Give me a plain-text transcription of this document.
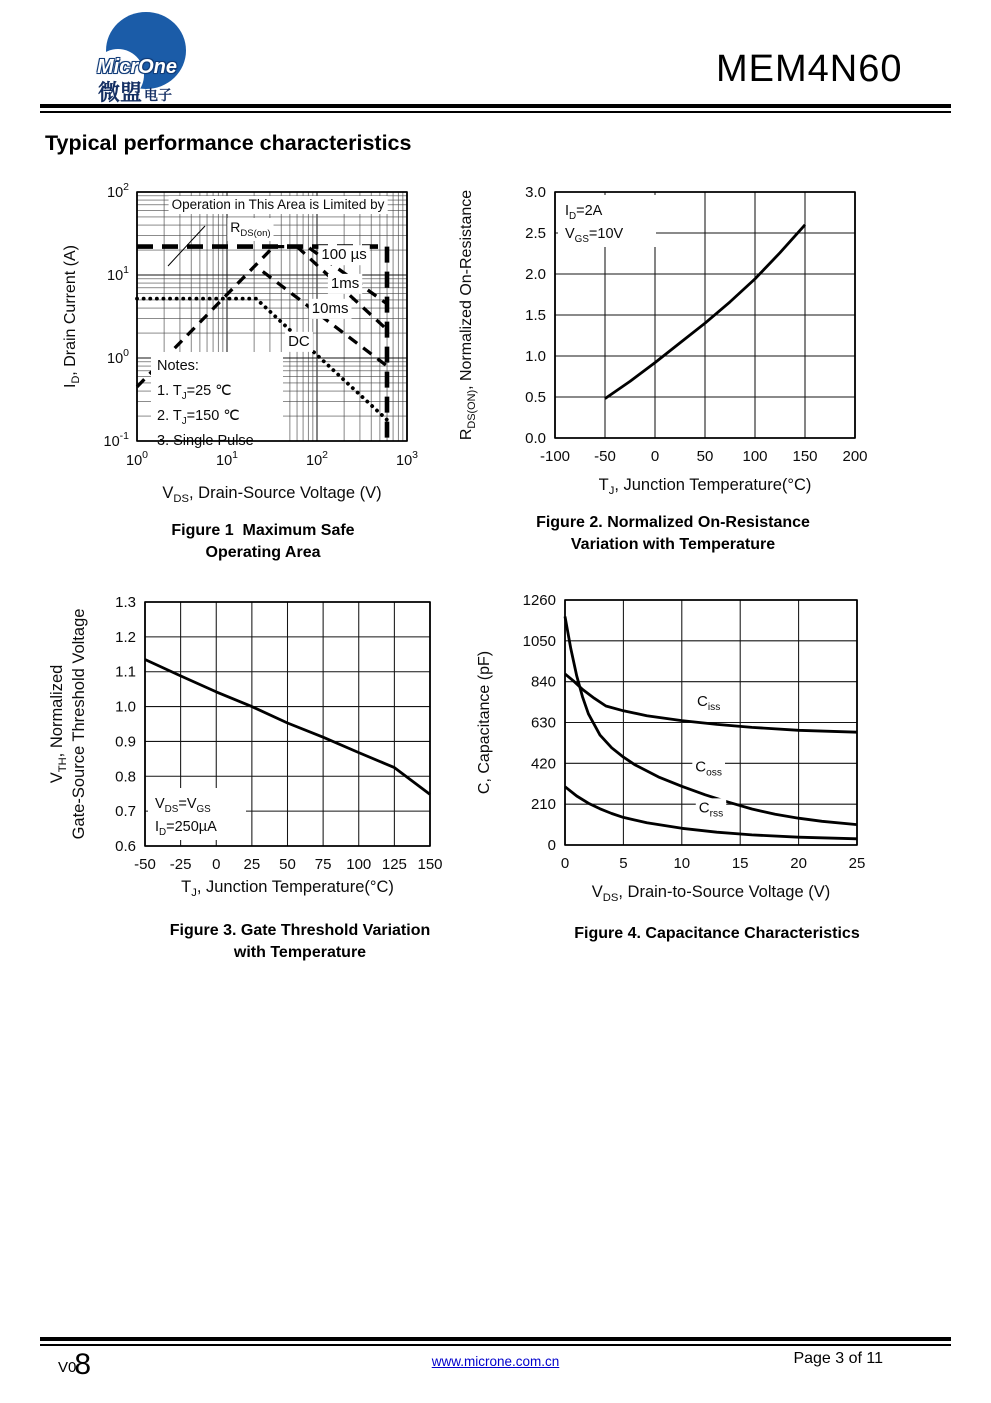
MicrOne
微盟 电子
MEM4N60
Typical performance characteristics
Notes:
1. $T_J=25$ ℃
2. $T_J=150$ ℃
3. Single Pulse
Operation in This Area is Limited by
$R_{DS(on)}$
100 µs
1ms
10ms
DC
$10^0$	$10^1$	$10^2$	$10^3$
$10^{-1}$
$10^0$
$10^1$
$10^2$
$V_{DS}$, Drain-Source Voltage (V)
$I_D$, Drain Current (A)
$I_D=2A$
$V_{GS}=10V$
-100 -50 0 50 100 150 200
0.0
0.5
1.0
1.5
2.0
2.5
3.0
$T_J$, Junction Temperature(°C)
$R_{DS(ON)}$, Normalized On-Resistance
$V_{DS}=V_{GS}$
$I_D=250\mu A$
-50 -25 0 25 50 75 100 125 150
0.6
0.7
0.8
0.9
1.0
1.1
1.2
1.3
$T_J$, Junction Temperature(°C)
$V_{TH}$, Normalized Gate-Source Threshold Voltage	$C_{iss}$
$C_{oss}$
$C_{rss}$
0	5	10	15	20	25
0
210
420
630
840
1050
1260
$V_{DS}$, Drain-to-Source Voltage (V)
C, Capacitance (pF)
Figure 1  Maximum Safe
Operating Area
Figure 2. Normalized On-Resistance
Variation with Temperature
Figure 3. Gate Threshold Variation
with Temperature
Figure 4. Capacitance Characteristics
V08	www.microne.com.cn	Page 3 of 11
